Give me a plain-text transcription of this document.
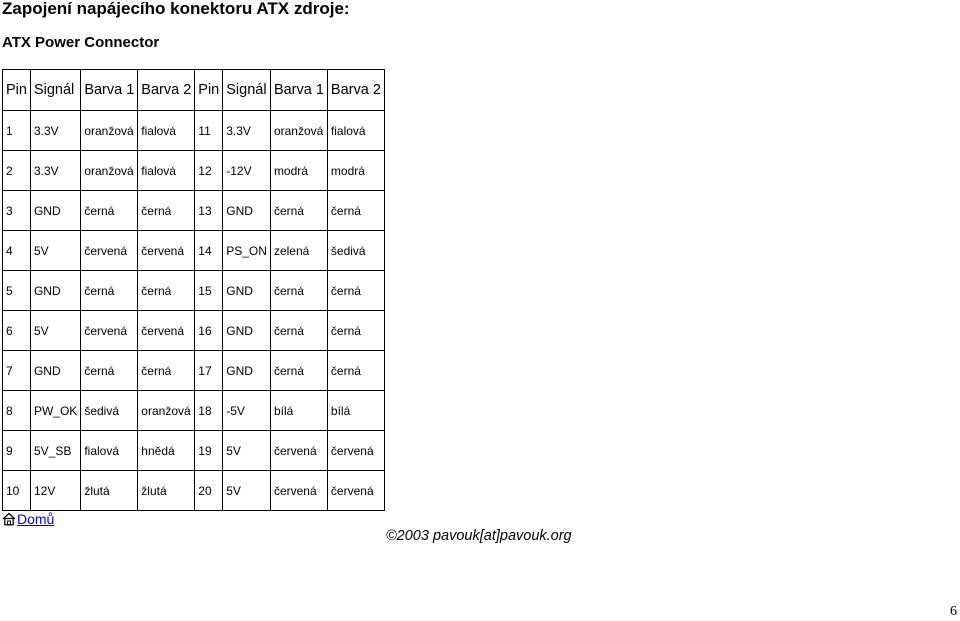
Zapojení napájecího konektoru ATX zdroje:
ATX Power Connector
Pin	Signál	Barva 1	Barva 2	Pin	Signál	Barva 1	Barva 2
1	3.3V	oranžová	fialová	11	3.3V	oranžová	fialová
2	3.3V	oranžová	fialová	12	-12V	modrá	modrá
3	GND	černá	černá	13	GND	černá	černá
4	5V	červená	červená	14	PS_ON	zelená	šedivá
5	GND	černá	černá	15	GND	černá	černá
6	5V	červená	červená	16	GND	černá	černá
7	GND	černá	černá	17	GND	černá	černá
8	PW_OK	šedivá	oranžová	18	-5V	bílá	bílá
9	5V_SB	fialová	hnědá	19	5V	červená	červená
10	12V	žlutá	žlutá	20	5V	červená	červená
Domů
©2003 pavouk[at]pavouk.org
6
